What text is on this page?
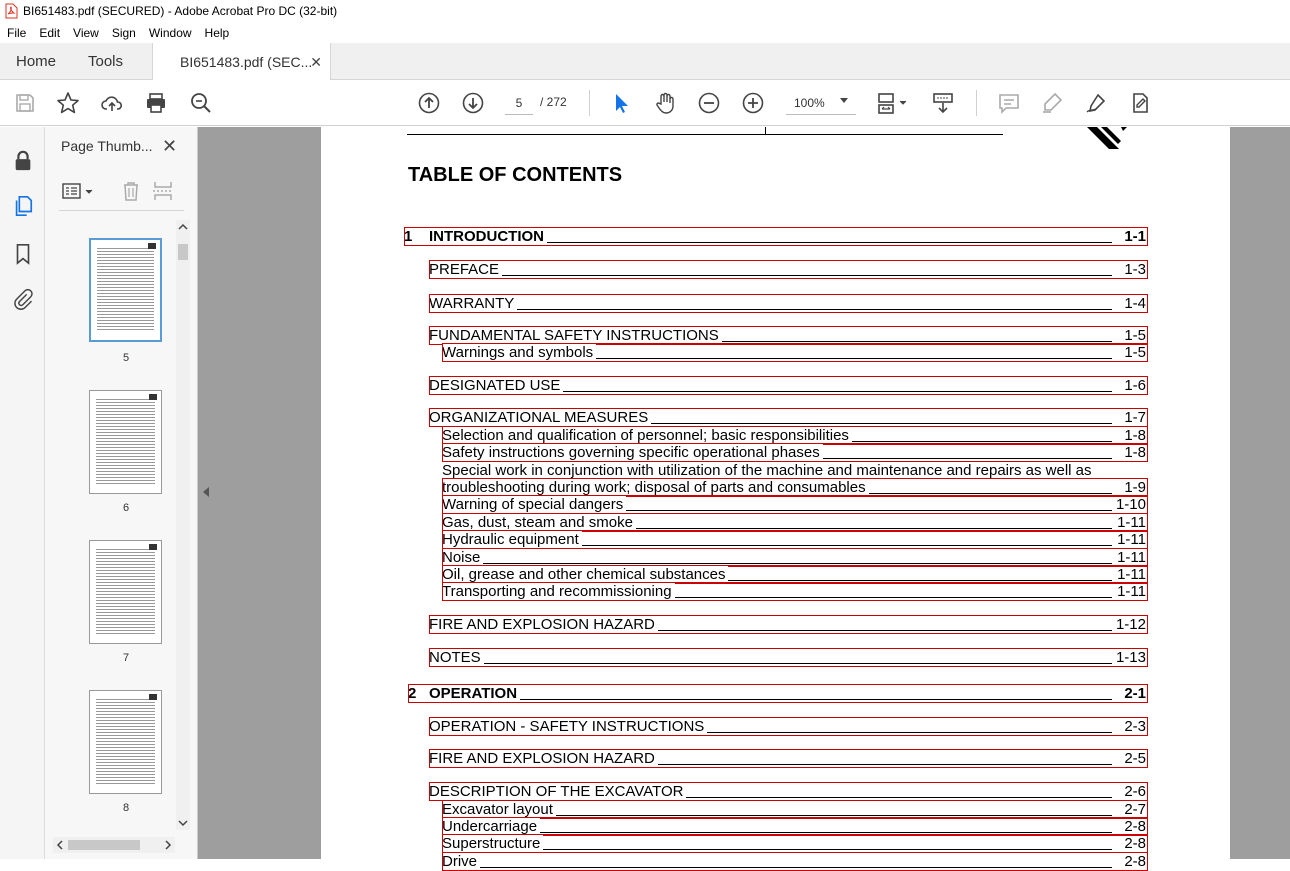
BI651483.pdf (SECURED) - Adobe Acrobat Pro DC (32-bit)
File	Edit	View	Sign	Window	Help
Home Tools	BI651483.pdf (SEC...
✕
5
/ 272	100%
Page Thumb... ✕
5
6
7
8
TABLE OF CONTENTS
1 INTRODUCTION	1-1
PREFACE	1-3
WARRANTY	1-4
FUNDAMENTAL SAFETY INSTRUCTIONS	1-5
Warnings and symbols	1-5
DESIGNATED USE	1-6
ORGANIZATIONAL MEASURES	1-7
Selection and qualification of personnel; basic responsibilities	1-8
Safety instructions governing specific operational phases	1-8
Special work in conjunction with utilization of the machine and maintenance and repairs as well as
troubleshooting during work; disposal of parts and consumables	1-9
Warning of special dangers	1-10
Gas, dust, steam and smoke	1-11
Hydraulic equipment	1-11
Noise	1-11
Oil, grease and other chemical substances	1-11
Transporting and recommissioning	1-11
FIRE AND EXPLOSION HAZARD	1-12
NOTES	1-13
2 OPERATION	2-1
OPERATION - SAFETY INSTRUCTIONS	2-3
FIRE AND EXPLOSION HAZARD	2-5
DESCRIPTION OF THE EXCAVATOR	2-6
Excavator layout	2-7
Undercarriage	2-8
Superstructure	2-8
Drive	2-8
